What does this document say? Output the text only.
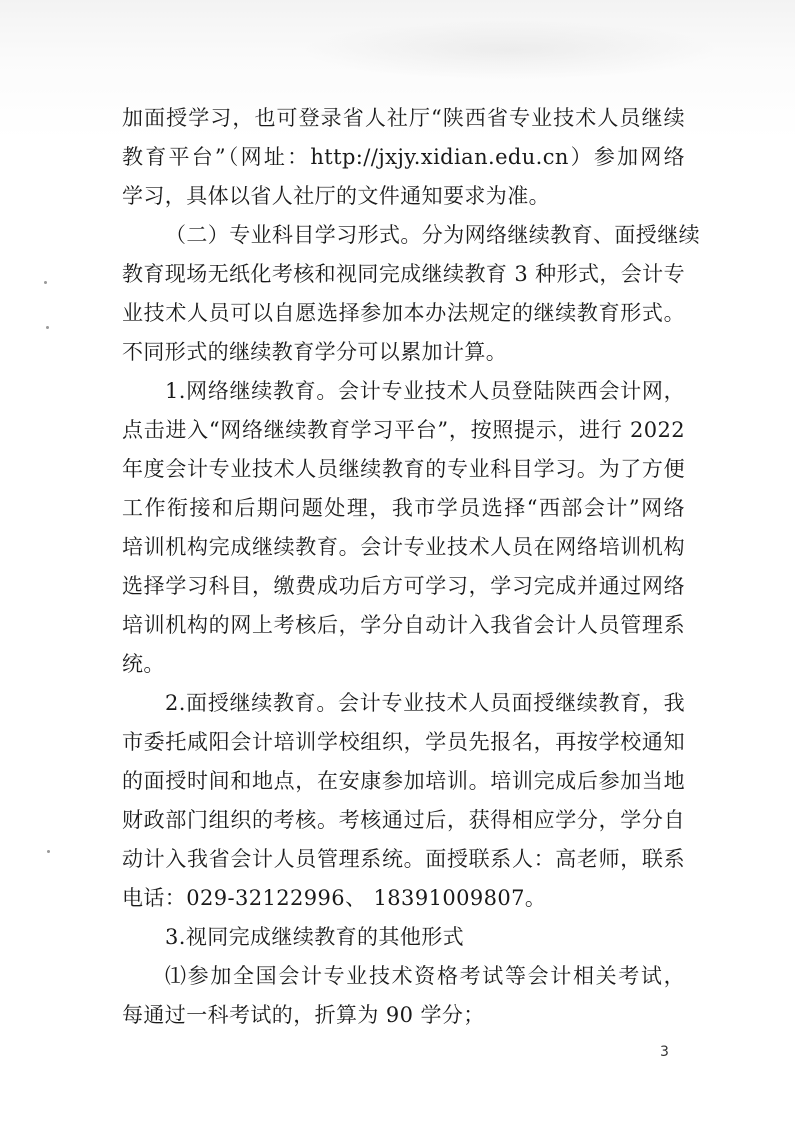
加面授学习，也可登录省人社厅“陕西省专业技术人员继续
教育平台”（网址：http://jxjy.xidian.edu.cn）参加网络
学习，具体以省人社厅的文件通知要求为准。
（二）专业科目学习形式。分为网络继续教育、面授继续
教育现场无纸化考核和视同完成继续教育 3 种形式，会计专
业技术人员可以自愿选择参加本办法规定的继续教育形式。
不同形式的继续教育学分可以累加计算。
1.网络继续教育。会计专业技术人员登陆陕西会计网，
点击进入“网络继续教育学习平台”，按照提示，进行 2022
年度会计专业技术人员继续教育的专业科目学习。为了方便
工作衔接和后期问题处理，我市学员选择“西部会计”网络
培训机构完成继续教育。会计专业技术人员在网络培训机构
选择学习科目，缴费成功后方可学习，学习完成并通过网络
培训机构的网上考核后，学分自动计入我省会计人员管理系
统。
2.面授继续教育。会计专业技术人员面授继续教育，我
市委托咸阳会计培训学校组织，学员先报名，再按学校通知
的面授时间和地点，在安康参加培训。培训完成后参加当地
财政部门组织的考核。考核通过后，获得相应学分，学分自
动计入我省会计人员管理系统。面授联系人：高老师，联系
电话：029-32122996、 18391009807。
3.视同完成继续教育的其他形式
⑴参加全国会计专业技术资格考试等会计相关考试，
每通过一科考试的，折算为 90 学分；
3
